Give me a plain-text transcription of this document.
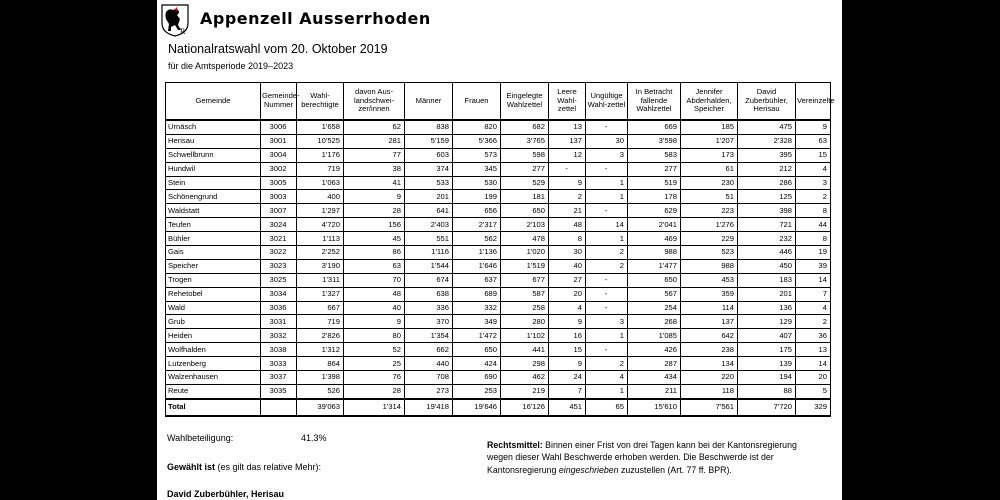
R
Appenzell Ausserrhoden
Nationalratswahl vom 20. Oktober 2019
für die Amtsperiode 2019–2023
Gemeinde	Gemeinde-Nummer	Wahl-berechtigte	davon Aus-landschwei-zer/innen	Männer	Frauen	Eingelegte Wahlzettel	Leere Wahl-zettel	Ungültige Wahl-zettel	In Betracht fallende Wahlzettel	Jennifer Abderhalden, Speicher	David Zuberbühler, Herisau	Vereinzelte
Urnäsch	3006	1'658	62	838	820	682	13	-	669	185	475	9
Herisau	3001	10'525	281	5'159	5'366	3'765	137	30	3'598	1'207	2'328	63
Schwellbrunn	3004	1'176	77	603	573	598	12	3	583	173	395	15
Hundwil	3002	719	38	374	345	277	-	-	277	61	212	4
Stein	3005	1'063	41	533	530	529	9	1	519	230	286	3
Schönengrund	3003	400	9	201	199	181	2	1	178	51	125	2
Waldstatt	3007	1'297	28	641	656	650	21	-	629	223	398	8
Teufen	3024	4'720	156	2'403	2'317	2'103	48	14	2'041	1'276	721	44
Bühler	3021	1'113	45	551	562	478	8	1	469	229	232	8
Gais	3022	2'252	86	1'116	1'136	1'020	30	2	988	523	446	19
Speicher	3023	3'190	63	1'544	1'646	1'519	40	2	1'477	988	450	39
Trogen	3025	1'311	70	674	637	677	27	-	650	453	183	14
Rehetobel	3034	1'327	48	638	689	587	20	-	567	359	201	7
Wald	3036	667	40	336	332	258	4	-	254	114	136	4
Grub	3031	719	9	370	349	280	9	3	268	137	129	2
Heiden	3032	2'826	80	1'354	1'472	1'102	16	1	1'085	642	407	36
Wolfhalden	3038	1'312	52	662	650	441	15	-	426	238	175	13
Lutzenberg	3033	864	25	440	424	298	9	2	287	134	139	14
Walzenhausen	3037	1'398	76	708	690	462	24	4	434	220	194	20
Reute	3035	526	28	273	253	219	7	1	211	118	88	5
Total		39'063	1'314	19'418	19'646	16'126	451	65	15'610	7'561	7'720	329
Wahlbeteiligung:	41.3%
Gewählt ist (es gilt das relative Mehr):
David Zuberbühler, Herisau
Rechtsmittel: Binnen einer Frist von drei Tagen kann bei der Kantonsregierung wegen dieser Wahl Beschwerde erhoben werden. Die Beschwerde ist der Kantonsregierung eingeschrieben zuzustellen (Art. 77 ff. BPR).
